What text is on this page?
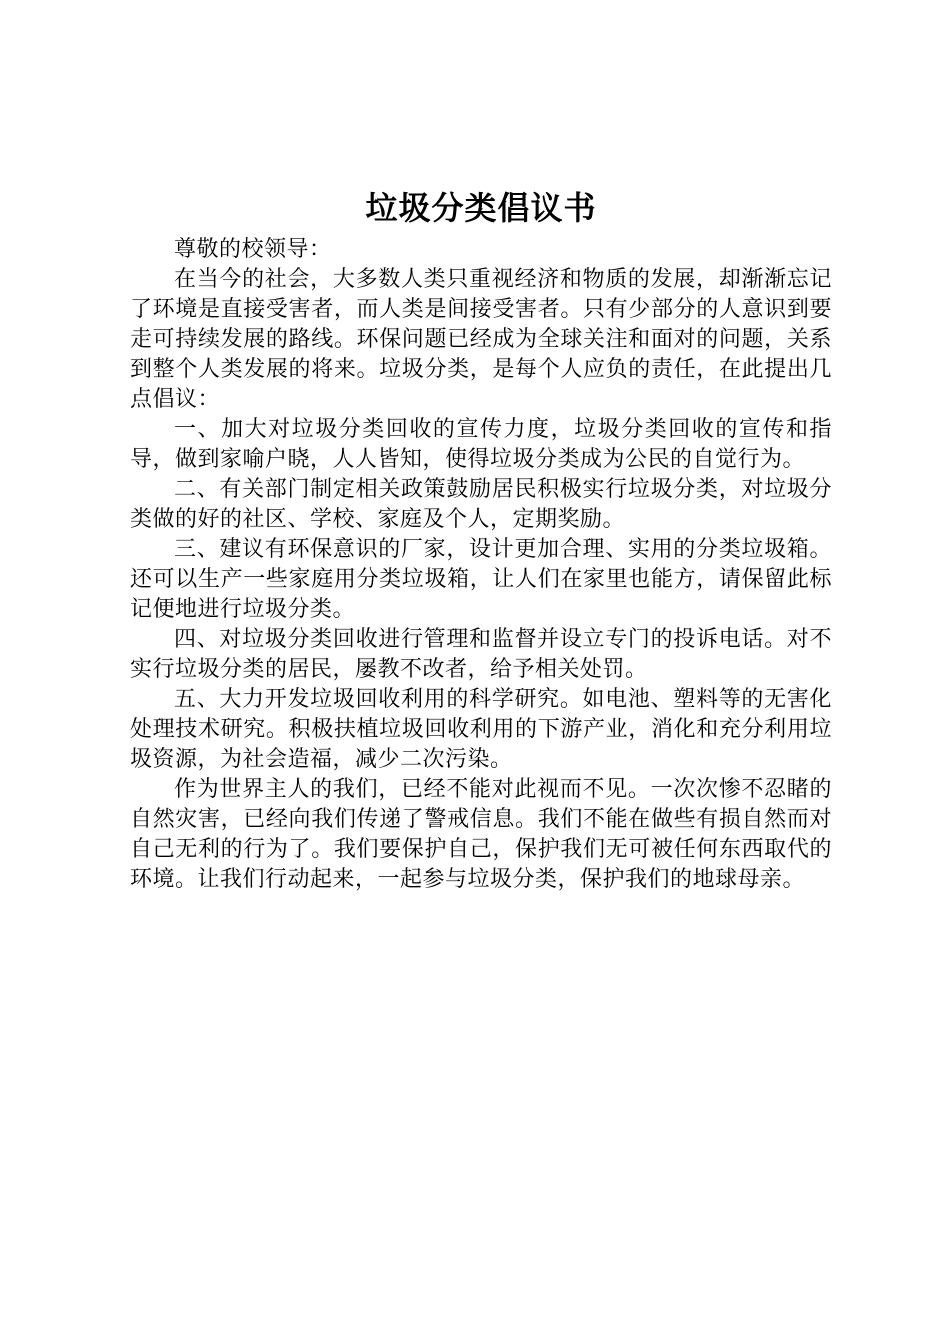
垃圾分类倡议书

尊敬的校领导：

在当今的社会，大多数人类只重视经济和物质的发展，却渐渐忘记了环境是直接受害者，而人类是间接受害者。只有少部分的人意识到要走可持续发展的路线。环保问题已经成为全球关注和面对的问题，关系到整个人类发展的将来。垃圾分类，是每个人应负的责任，在此提出几点倡议：

一、加大对垃圾分类回收的宣传力度，垃圾分类回收的宣传和指导，做到家喻户晓，人人皆知，使得垃圾分类成为公民的自觉行为。

二、有关部门制定相关政策鼓励居民积极实行垃圾分类，对垃圾分类做的好的社区、学校、家庭及个人，定期奖励。

三、建议有环保意识的厂家，设计更加合理、实用的分类垃圾箱。还可以生产一些家庭用分类垃圾箱，让人们在家里也能方，请保留此标记便地进行垃圾分类。

四、对垃圾分类回收进行管理和监督并设立专门的投诉电话。对不实行垃圾分类的居民，屡教不改者，给予相关处罚。

五、大力开发垃圾回收利用的科学研究。如电池、塑料等的无害化处理技术研究。积极扶植垃圾回收利用的下游产业，消化和充分利用垃圾资源，为社会造福，减少二次污染。

作为世界主人的我们，已经不能对此视而不见。一次次惨不忍睹的自然灾害，已经向我们传递了警戒信息。我们不能在做些有损自然而对自己无利的行为了。我们要保护自己，保护我们无可被任何东西取代的环境。让我们行动起来，一起参与垃圾分类，保护我们的地球母亲。
